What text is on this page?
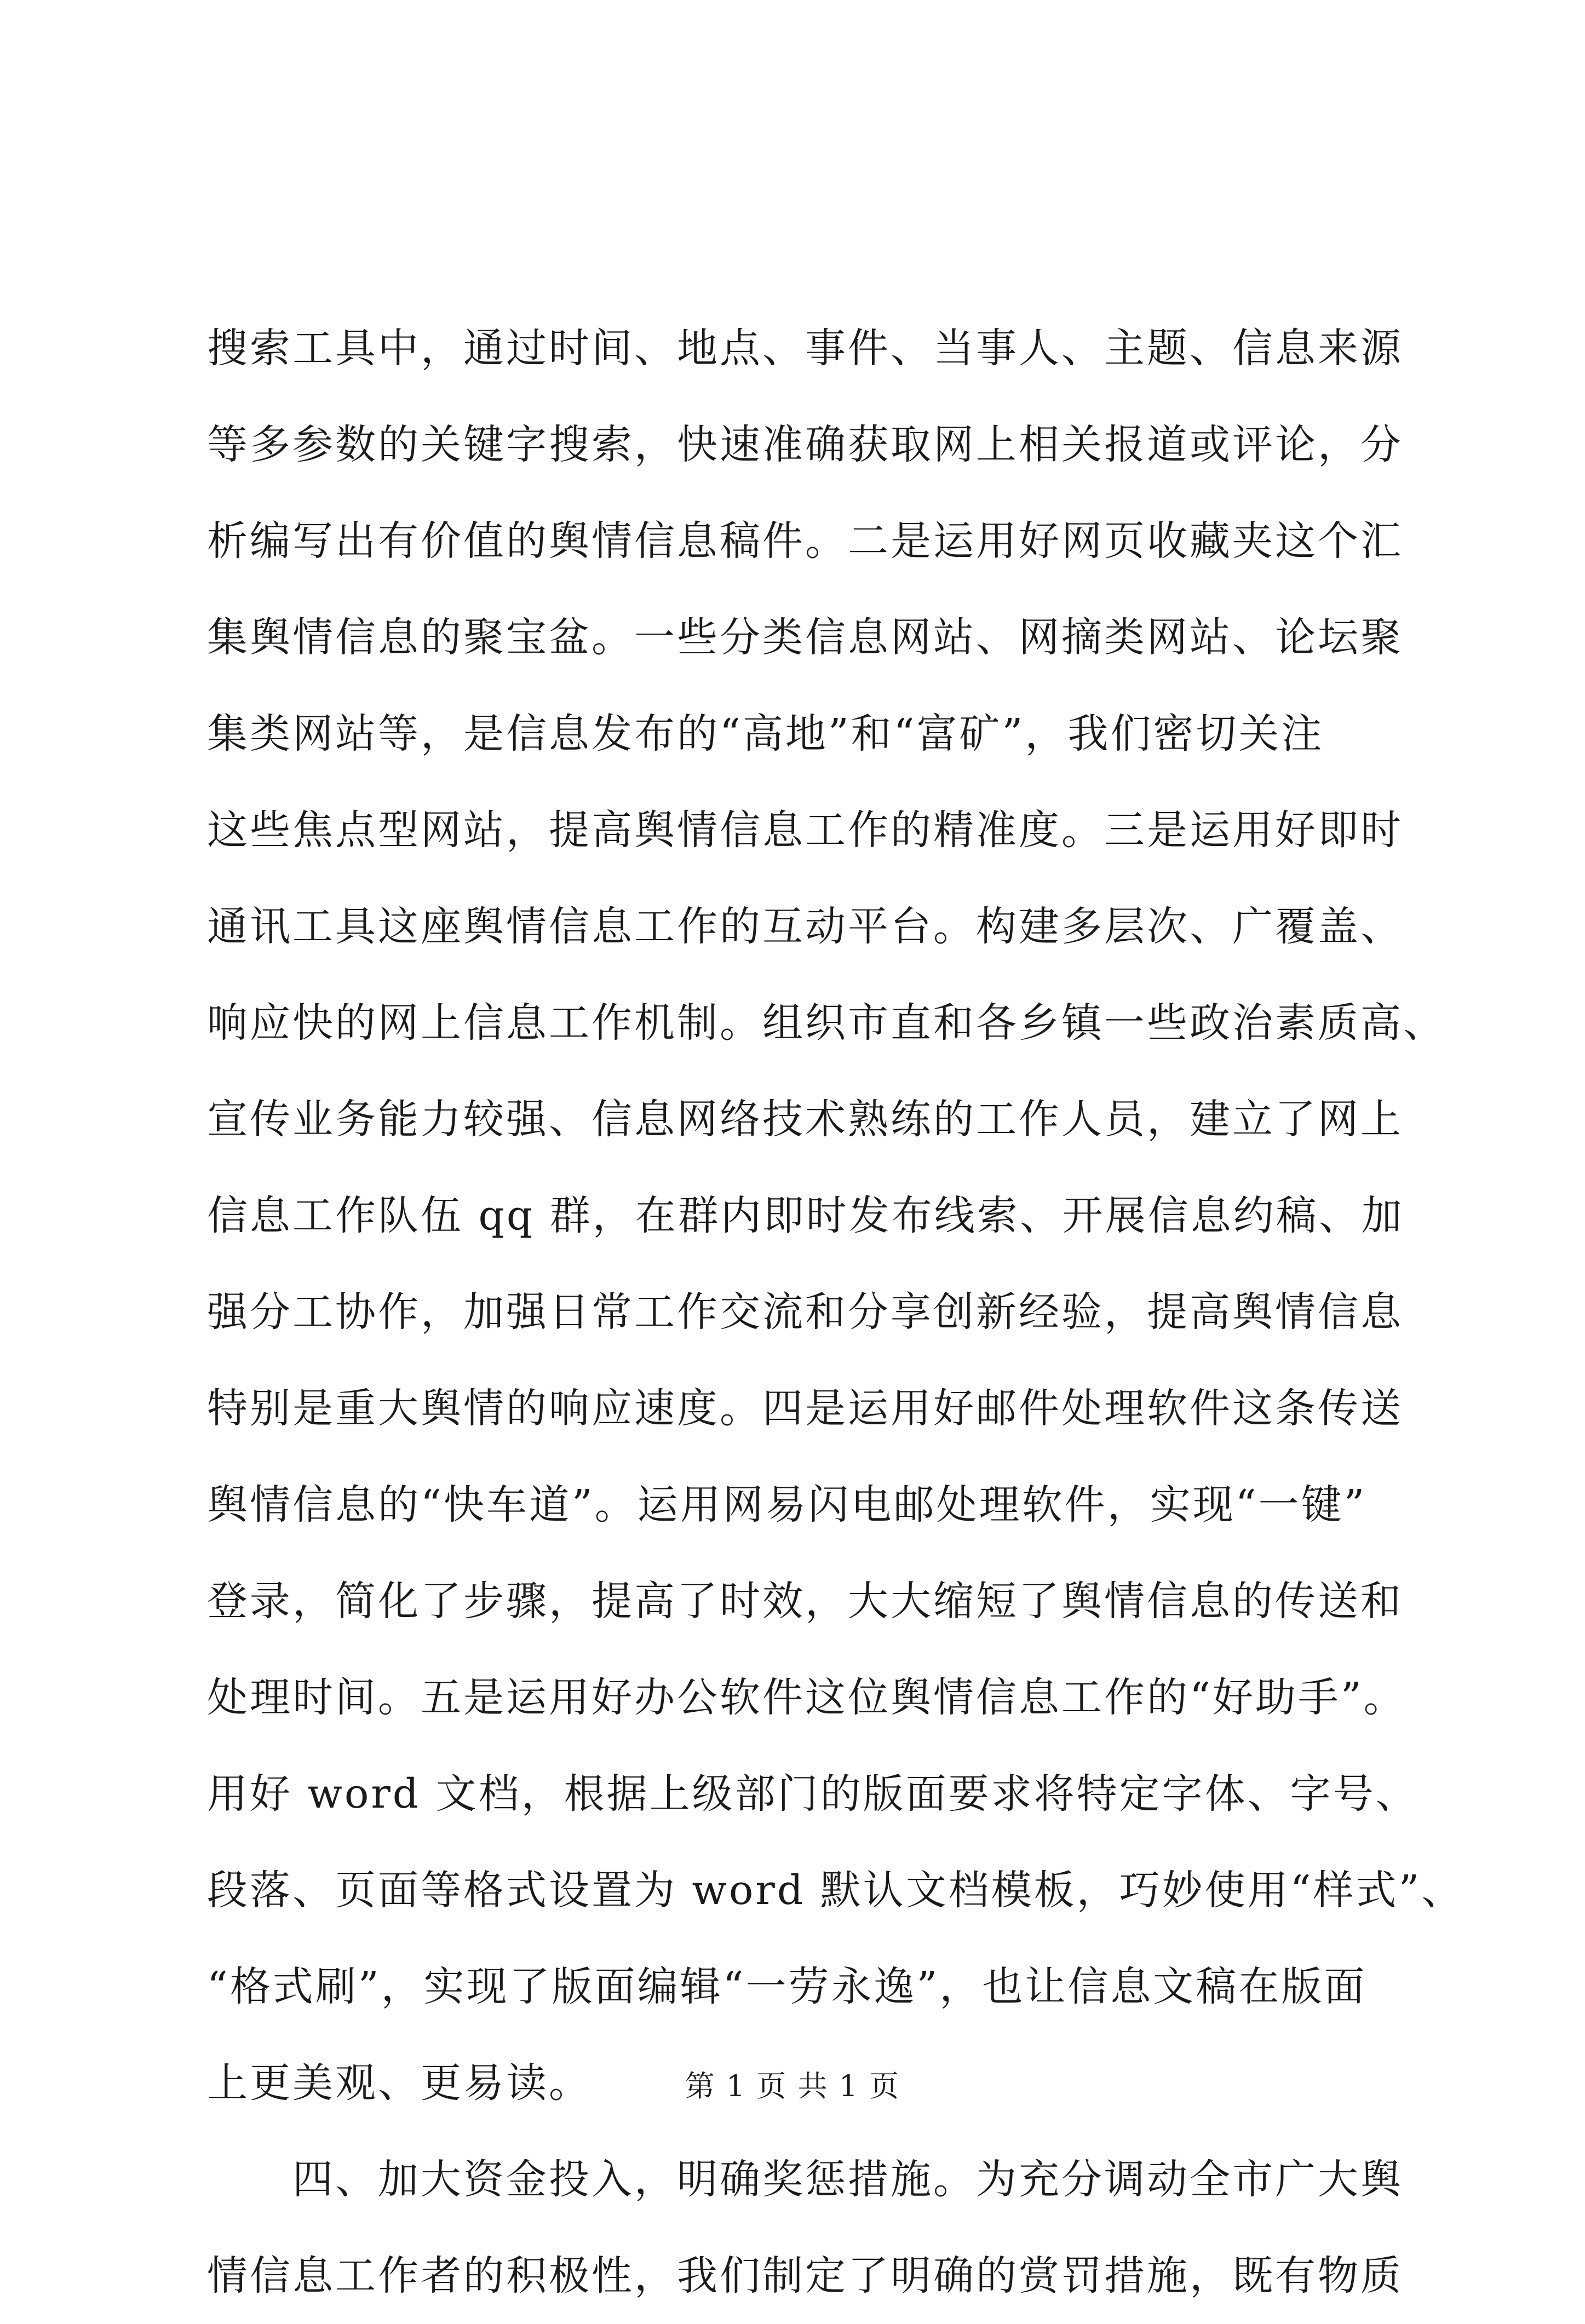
搜索工具中，通过时间、地点、事件、当事人、主题、信息来源
等多参数的关键字搜索，快速准确获取网上相关报道或评论，分
析编写出有价值的舆情信息稿件。二是运用好网页收藏夹这个汇
集舆情信息的聚宝盆。一些分类信息网站、网摘类网站、论坛聚
集类网站等，是信息发布的“高地”和“富矿”，我们密切关注
这些焦点型网站，提高舆情信息工作的精准度。三是运用好即时
通讯工具这座舆情信息工作的互动平台。构建多层次、广覆盖、
响应快的网上信息工作机制。组织市直和各乡镇一些政治素质高、
宣传业务能力较强、信息网络技术熟练的工作人员，建立了网上
信息工作队伍 qq 群，在群内即时发布线索、开展信息约稿、加
强分工协作，加强日常工作交流和分享创新经验，提高舆情信息
特别是重大舆情的响应速度。四是运用好邮件处理软件这条传送
舆情信息的“快车道”。运用网易闪电邮处理软件，实现“一键”
登录，简化了步骤，提高了时效，大大缩短了舆情信息的传送和
处理时间。五是运用好办公软件这位舆情信息工作的“好助手”。
用好 word 文档，根据上级部门的版面要求将特定字体、字号、
段落、页面等格式设置为 word 默认文档模板，巧妙使用“样式”、
“格式刷”，实现了版面编辑“一劳永逸”，也让信息文稿在版面
上更美观、更易读。
　　四、加大资金投入，明确奖惩措施。为充分调动全市广大舆
情信息工作者的积极性，我们制定了明确的赏罚措施，既有物质
第 1 页 共 1 页
